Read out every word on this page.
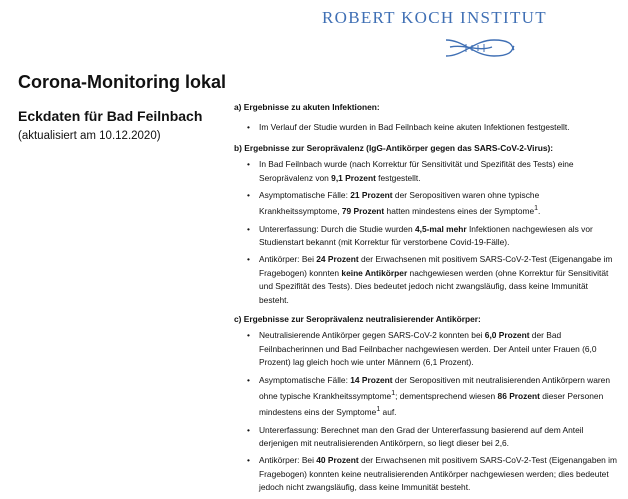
ROBERT KOCH INSTITUT
Corona-Monitoring lokal
Eckdaten für Bad Feilnbach
(aktualisiert am 10.12.2020)
a) Ergebnisse zu akuten Infektionen:
• Im Verlauf der Studie wurden in Bad Feilnbach keine akuten Infektionen festgestellt.
b) Ergebnisse zur Seroprävalenz (IgG-Antikörper gegen das SARS-CoV-2-Virus):
• In Bad Feilnbach wurde (nach Korrektur für Sensitivität und Spezifität des Tests) eine Seroprävalenz von 9,1 Prozent festgestellt.
• Asymptomatische Fälle: 21 Prozent der Seropositiven waren ohne typische Krankheitssymptome, 79 Prozent hatten mindestens eines der Symptome$^1$.
• Untererfassung: Durch die Studie wurden 4,5-mal mehr Infektionen nachgewiesen als vor Studienstart bekannt (mit Korrektur für verstorbene Covid-19-Fälle).
• Antikörper: Bei 24 Prozent der Erwachsenen mit positivem SARS-CoV-2-Test (Eigenangabe im Fragebogen) konnten keine Antikörper nachgewiesen werden (ohne Korrektur für Sensitivität und Spezifität des Tests). Dies bedeutet jedoch nicht zwangsläufig, dass keine Immunität besteht.
c) Ergebnisse zur Seroprävalenz neutralisierender Antikörper:
• Neutralisierende Antikörper gegen SARS-CoV-2 konnten bei 6,0 Prozent der Bad Feilnbacherinnen und Bad Feilnbacher nachgewiesen werden. Der Anteil unter Frauen (6,0 Prozent) lag gleich hoch wie unter Männern (6,1 Prozent).
• Asymptomatische Fälle: 14 Prozent der Seropositiven mit neutralisierenden Antikörpern waren ohne typische Krankheitssymptome$^1$; dementsprechend wiesen 86 Prozent dieser Personen mindestens eins der Symptome$^1$ auf.
• Untererfassung: Berechnet man den Grad der Untererfassung basierend auf dem Anteil derjenigen mit neutralisierenden Antikörpern, so liegt dieser bei 2,6.
• Antikörper: Bei 40 Prozent der Erwachsenen mit positivem SARS-CoV-2-Test (Eigenangaben im Fragebogen) konnten keine neutralisierenden Antikörper nachgewiesen werden; dies bedeutet jedoch nicht zwangsläufig, dass keine Immunität besteht.
